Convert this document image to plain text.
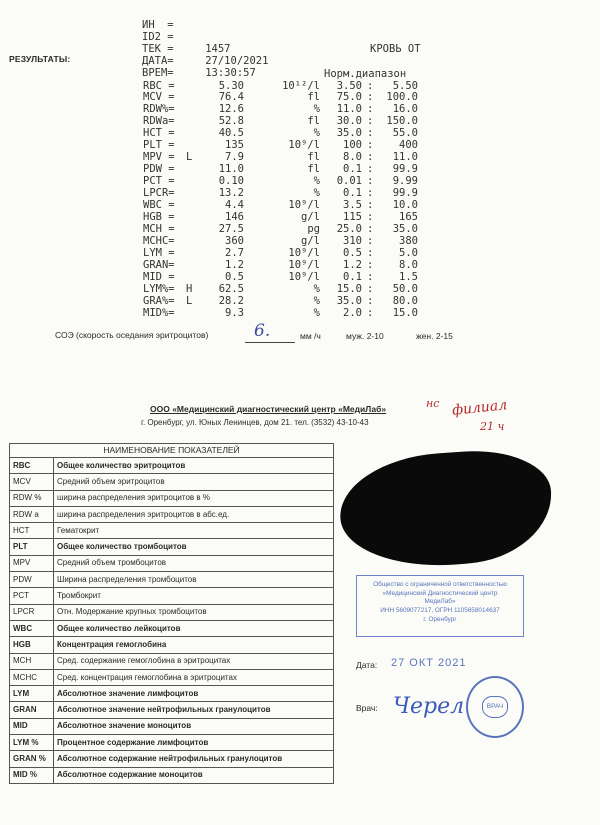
РЕЗУЛЬТАТЫ:
ИН  =
ID2 =
ТЕК =     1457
ДАТА=     27/10/2021
ВРЕМ=     13:30:57
КРОВЬ ОТ
Норм.диапазон
RBC =	5.30	10¹²/l	3.50	5.50
:
MCV =	76.4	fl	75.0	100.0
:
RDW%=	12.6	%	11.0	16.0
:
RDWa=	52.8	fl	30.0	150.0
:
HCT =	40.5	%	35.0	55.0
:
PLT =	135	10⁹/l	100	400
:
MPV =	L	7.9	fl	8.0	11.0
:
PDW =	11.0	fl	0.1	99.9
:
PCT =	0.10	%	0.01	9.99
:
LPCR=	13.2	%	0.1	99.9
:
WBC =	4.4	10⁹/l	3.5	10.0
:
HGB =	146	g/l	115	165
:
MCH =	27.5	pg	25.0	35.0
:
MCHC=	360	g/l	310	380
:
LYM =	2.7	10⁹/l	0.5	5.0
:
GRAN=	1.2	10⁹/l	1.2	8.0
:
MID =	0.5	10⁹/l	0.1	1.5
:
LYM%=	H	62.5	%	15.0	50.0
:
GRA%=	L	28.2	%	35.0	80.0
:
MID%=	9.3	%	2.0	15.0
:
СОЭ (скорость оседания эритроцитов)	6.	мм /ч	муж. 2-10	жен. 2-15
ООО «Медицинский диагностический центр «МедиЛаб»
г. Оренбург, ул. Юных Ленинцев, дом 21. тел. (3532) 43-10-43
нс филиал
21 ч
НАИМЕНОВАНИЕ ПОКАЗАТЕЛЕЙ	
RBC	Общее количество эритроцитов
MCV	Средний объем эритроцитов
RDW %	ширина распределения эритроцитов в %
RDW a	ширина распределения эритроцитов в абс.ед.
HCT	Гематокрит
PLT	Общее количество тромбоцитов
MPV	Средний объем тромбоцитов
PDW	Ширина распределения тромбоцитов
PCT	Тромбокрит
LPCR	Отн. Модержание крупных тромбоцитов
WBC	Общее количество лейкоцитов
HGB	Концентрация гемоглобина
MCH	Сред. содержание гемоглобина в эритроцитах
MCHC	Сред. концентрация гемоглобина в эритроцитах
LYM	Абсолютное значение лимфоцитов
GRAN	Абсолютное значение нейтрофильных гранулоцитов
MID	Абсолютное значение моноцитов
LYM %	Процентное содержание лимфоцитов
GRAN %	Абсолютное содержание нейтрофильных гранулоцитов
MID %	Абсолютное содержание моноцитов
Общество с ограниченной ответственностью
«Медицинский Диагностический центр
МедиЛаб»
ИНН 5609077217, ОГРН 1105658014637
г. Оренбург
Дата: 27 ОКТ 2021
Врач: Черел	ВРАЧ
